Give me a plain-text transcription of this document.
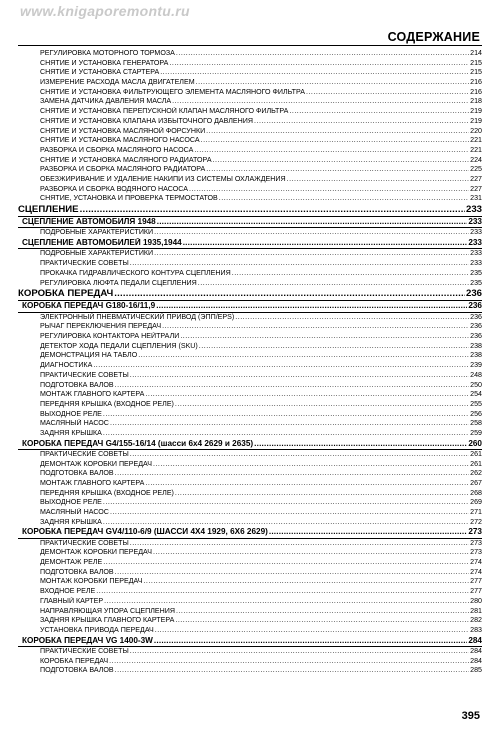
www.knigaporemontu.ru
СОДЕРЖАНИЕ
РЕГУЛИРОВКА МОТОРНОГО ТОРМОЗА .....	214
СНЯТИЕ И УСТАНОВКА ГЕНЕРАТОРА .....	215
СНЯТИЕ И УСТАНОВКА СТАРТЕРА .....	215
ИЗМЕРЕНИЕ РАСХОДА МАСЛА ДВИГАТЕЛЕМ .....	216
СНЯТИЕ И УСТАНОВКА ФИЛЬТРУЮЩЕГО ЭЛЕМЕНТА МАСЛЯНОГО ФИЛЬТРА .....	216
ЗАМЕНА ДАТЧИКА ДАВЛЕНИЯ МАСЛА .....	218
СНЯТИЕ И УСТАНОВКА ПЕРЕПУСКНОЙ КЛАПАН МАСЛЯНОГО ФИЛЬТРА .....	219
СНЯТИЕ И УСТАНОВКА КЛАПАНА ИЗБЫТОЧНОГО ДАВЛЕНИЯ .....	219
СНЯТИЕ И УСТАНОВКА МАСЛЯНОЙ ФОРСУНКИ .....	220
СНЯТИЕ И УСТАНОВКА МАСЛЯНОГО НАСОСА .....	221
РАЗБОРКА И СБОРКА МАСЛЯНОГО НАСОСА .....	221
СНЯТИЕ И УСТАНОВКА МАСЛЯНОГО РАДИАТОРА .....	224
РАЗБОРКА И СБОРКА МАСЛЯНОГО РАДИАТОРА .....	225
ОБЕЗЖИРИВАНИЕ И УДАЛЕНИЕ НАКИПИ ИЗ СИСТЕМЫ ОХЛАЖДЕНИЯ .....	227
РАЗБОРКА И СБОРКА ВОДЯНОГО НАСОСА .....	227
СНЯТИЕ, УСТАНОВКА И ПРОВЕРКА ТЕРМОСТАТОВ .....	231
СЦЕПЛЕНИЕ .....	233
СЦЕПЛЕНИЕ АВТОМОБИЛЯ 1948 .....	233
ПОДРОБНЫЕ ХАРАКТЕРИСТИКИ .....	233
СЦЕПЛЕНИЕ АВТОМОБИЛЕЙ 1935,1944 .....	233
ПОДРОБНЫЕ ХАРАКТЕРИСТИКИ .....	233
ПРАКТИЧЕСКИЕ СОВЕТЫ .....	233
ПРОКАЧКА ГИДРАВЛИЧЕСКОГО КОНТУРА СЦЕПЛЕНИЯ .....	235
РЕГУЛИРОВКА ЛЮФТА ПЕДАЛИ СЦЕПЛЕНИЯ .....	235
КОРОБКА ПЕРЕДАЧ .....	236
КОРОБКА ПЕРЕДАЧ G180-16/11,9 .....	236
ЭЛЕКТРОННЫЙ ПНЕВМАТИЧЕСКИЙ ПРИВОД (ЭПП/EPS) .....	236
РЫЧАГ ПЕРЕКЛЮЧЕНИЯ ПЕРЕДАЧ .....	236
РЕГУЛИРОВКА КОНТАКТОРА НЕЙТРАЛИ .....	236
ДЕТЕКТОР ХОДА ПЕДАЛИ СЦЕПЛЕНИЯ (SKU) .....	238
ДЕМОНСТРАЦИЯ НА ТАБЛО .....	238
ДИАГНОСТИКА .....	239
ПРАКТИЧЕСКИЕ СОВЕТЫ .....	248
ПОДГОТОВКА ВАЛОВ .....	250
МОНТАЖ ГЛАВНОГО КАРТЕРА .....	254
ПЕРЕДНЯЯ КРЫШКА (ВХОДНОЕ РЕЛЕ) .....	255
ВЫХОДНОЕ РЕЛЕ .....	256
МАСЛЯНЫЙ НАСОС .....	258
ЗАДНЯЯ КРЫШКА .....	259
КОРОБКА ПЕРЕДАЧ G4/155-16/14 (шасси 6x4 2629 и 2635) .....	260
ПРАКТИЧЕСКИЕ СОВЕТЫ .....	261
ДЕМОНТАЖ КОРОБКИ ПЕРЕДАЧ .....	261
ПОДГОТОВКА ВАЛОВ .....	262
МОНТАЖ ГЛАВНОГО КАРТЕРА .....	267
ПЕРЕДНЯЯ КРЫШКА (ВХОДНОЕ РЕЛЕ) .....	268
ВЫХОДНОЕ РЕЛЕ .....	269
МАСЛЯНЫЙ НАСОС .....	271
ЗАДНЯЯ КРЫШКА .....	272
КОРОБКА ПЕРЕДАЧ GV4/110-6/9 (ШАССИ 4X4 1929, 6X6 2629) .....	273
ПРАКТИЧЕСКИЕ СОВЕТЫ .....	273
ДЕМОНТАЖ КОРОБКИ ПЕРЕДАЧ .....	273
ДЕМОНТАЖ РЕЛЕ .....	274
ПОДГОТОВКА ВАЛОВ .....	274
МОНТАЖ КОРОБКИ ПЕРЕДАЧ .....	277
ВХОДНОЕ РЕЛЕ .....	277
ГЛАВНЫЙ КАРТЕР .....	280
НАПРАВЛЯЮЩАЯ УПОРА СЦЕПЛЕНИЯ .....	281
ЗАДНЯЯ КРЫШКА ГЛАВНОГО КАРТЕРА .....	282
УСТАНОВКА ПРИВОДА ПЕРЕДАЧ .....	283
КОРОБКА ПЕРЕДАЧ VG 1400-3W .....	284
ПРАКТИЧЕСКИЕ СОВЕТЫ .....	284
КОРОБКА ПЕРЕДАЧ .....	284
ПОДГОТОВКА ВАЛОВ .....	285
395
